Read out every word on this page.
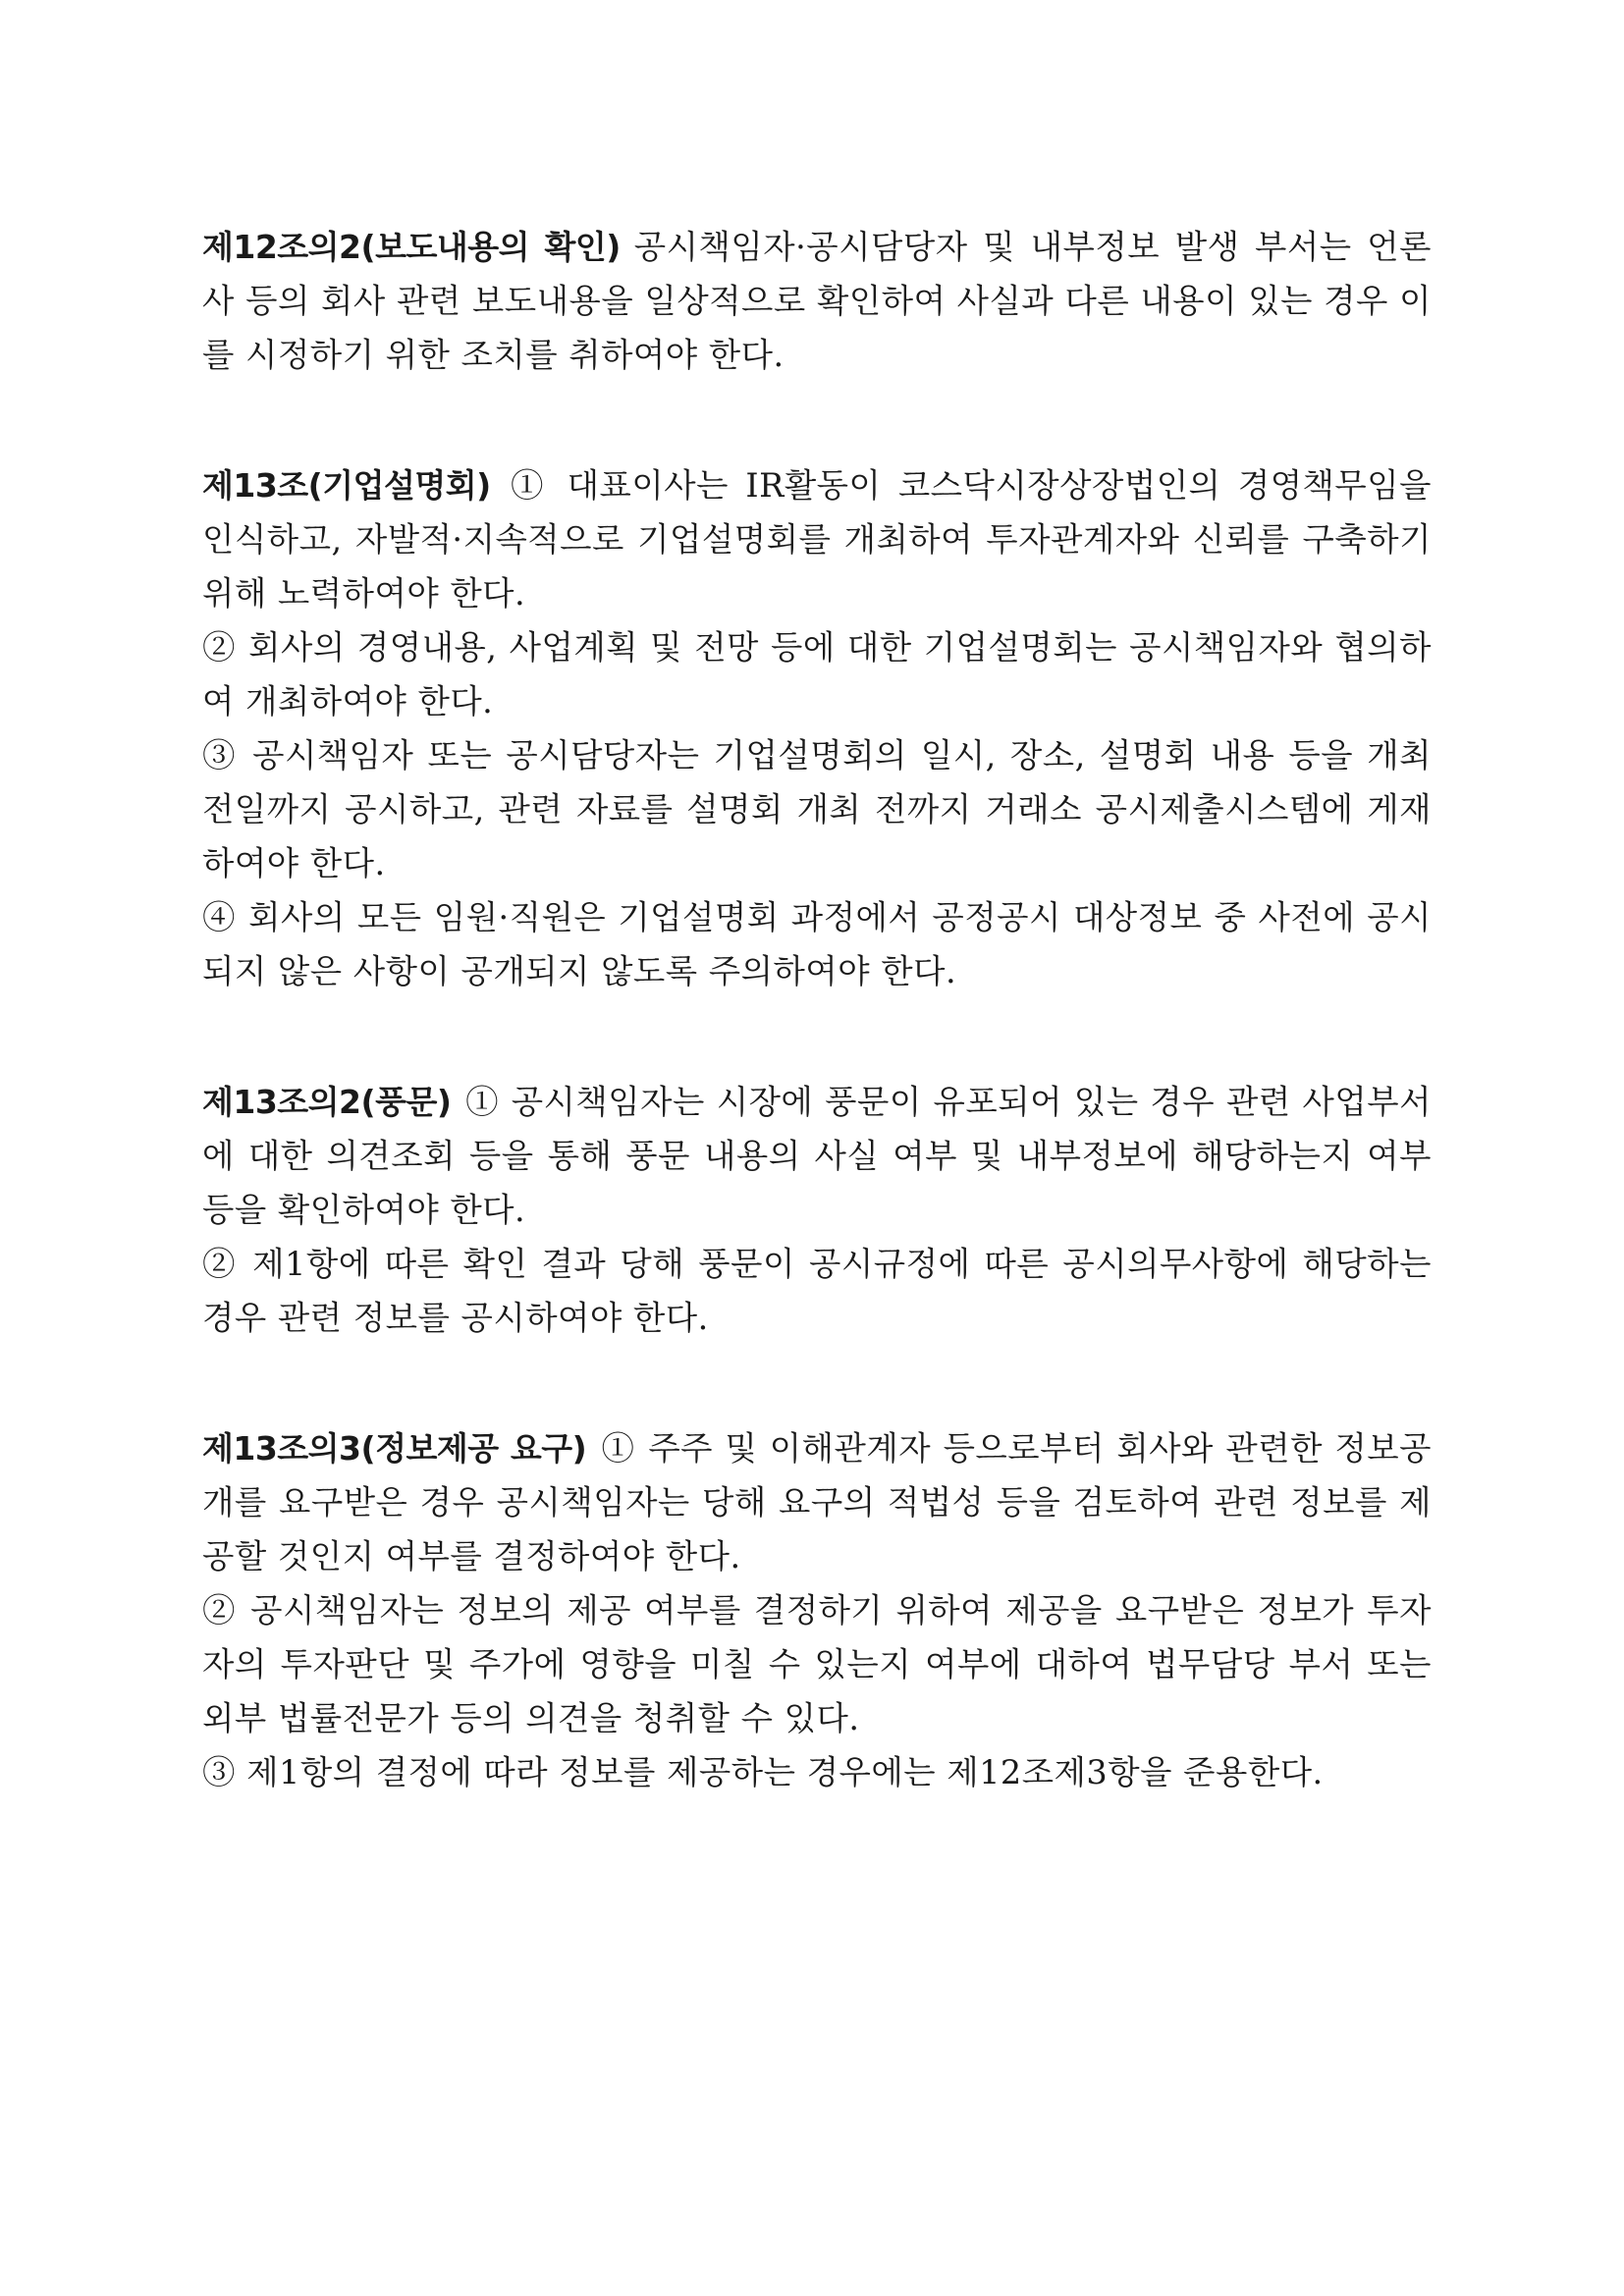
제12조의2(보도내용의 확인) 공시책임자·공시담당자 및 내부정보 발생 부서는 언론사 등의 회사 관련 보도내용을 일상적으로 확인하여 사실과 다른 내용이 있는 경우 이를 시정하기 위한 조치를 취하여야 한다.

제13조(기업설명회) ① 대표이사는 IR활동이 코스닥시장상장법인의 경영책무임을 인식하고, 자발적·지속적으로 기업설명회를 개최하여 투자관계자와 신뢰를 구축하기 위해 노력하여야 한다.

② 회사의 경영내용, 사업계획 및 전망 등에 대한 기업설명회는 공시책임자와 협의하여 개최하여야 한다.

③ 공시책임자 또는 공시담당자는 기업설명회의 일시, 장소, 설명회 내용 등을 개최 전일까지 공시하고, 관련 자료를 설명회 개최 전까지 거래소 공시제출시스템에 게재하여야 한다.

④ 회사의 모든 임원·직원은 기업설명회 과정에서 공정공시 대상정보 중 사전에 공시되지 않은 사항이 공개되지 않도록 주의하여야 한다.

제13조의2(풍문) ① 공시책임자는 시장에 풍문이 유포되어 있는 경우 관련 사업부서에 대한 의견조회 등을 통해 풍문 내용의 사실 여부 및 내부정보에 해당하는지 여부 등을 확인하여야 한다.

② 제1항에 따른 확인 결과 당해 풍문이 공시규정에 따른 공시의무사항에 해당하는 경우 관련 정보를 공시하여야 한다.

제13조의3(정보제공 요구) ① 주주 및 이해관계자 등으로부터 회사와 관련한 정보공개를 요구받은 경우 공시책임자는 당해 요구의 적법성 등을 검토하여 관련 정보를 제공할 것인지 여부를 결정하여야 한다.

② 공시책임자는 정보의 제공 여부를 결정하기 위하여 제공을 요구받은 정보가 투자자의 투자판단 및 주가에 영향을 미칠 수 있는지 여부에 대하여 법무담당 부서 또는 외부 법률전문가 등의 의견을 청취할 수 있다.

③ 제1항의 결정에 따라 정보를 제공하는 경우에는 제12조제3항을 준용한다.
